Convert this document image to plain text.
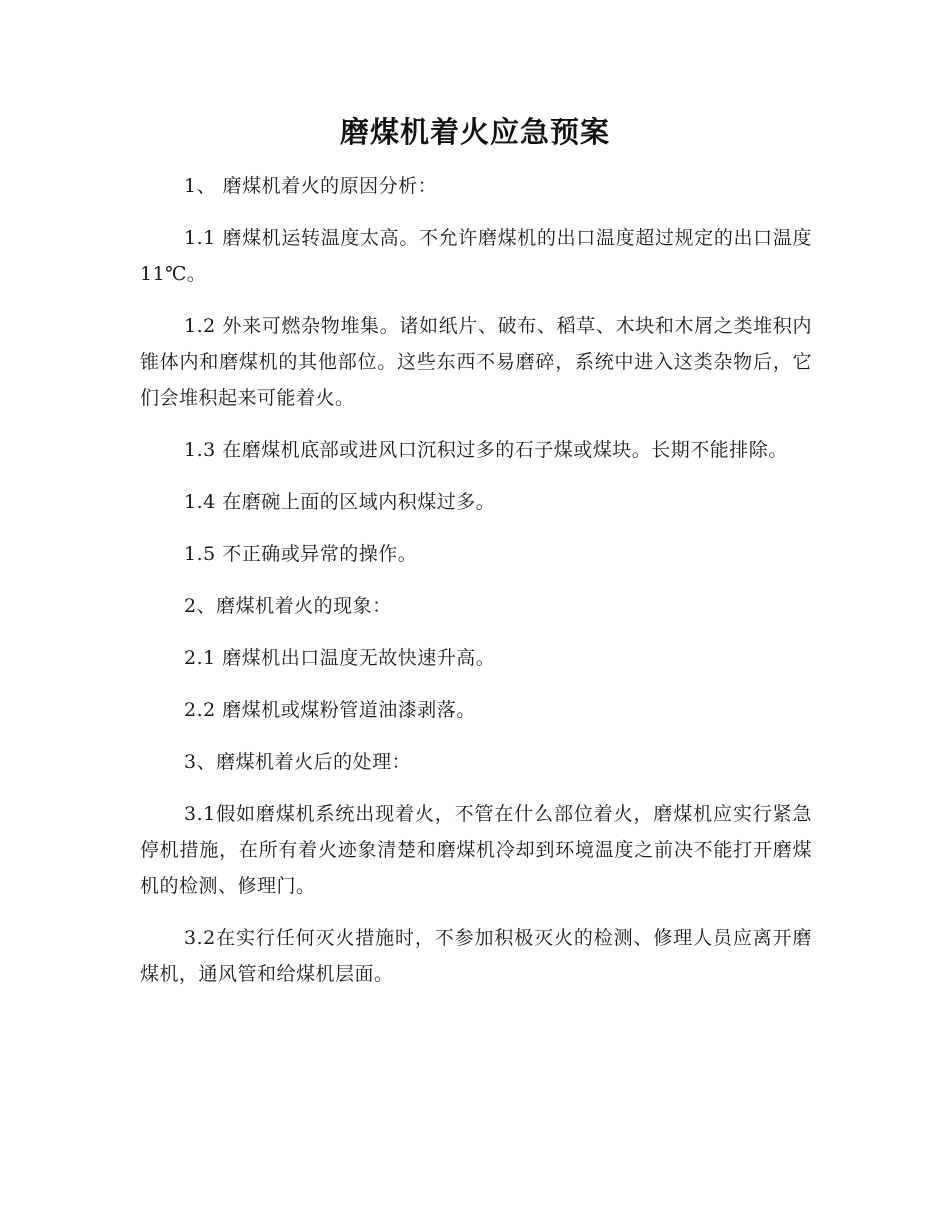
磨煤机着火应急预案

1、 磨煤机着火的原因分析：

1.1 磨煤机运转温度太高。不允许磨煤机的出口温度超过规定的出口温度11℃。

1.2 外来可燃杂物堆集。诸如纸片、破布、稻草、木块和木屑之类堆积内锥体内和磨煤机的其他部位。这些东西不易磨碎，系统中进入这类杂物后，它们会堆积起来可能着火。

1.3 在磨煤机底部或进风口沉积过多的石子煤或煤块。长期不能排除。

1.4 在磨碗上面的区域内积煤过多。

1.5 不正确或异常的操作。

2、磨煤机着火的现象：

2.1 磨煤机出口温度无故快速升高。

2.2 磨煤机或煤粉管道油漆剥落。

3、磨煤机着火后的处理：

3.1假如磨煤机系统出现着火，不管在什么部位着火，磨煤机应实行紧急停机措施，在所有着火迹象清楚和磨煤机冷却到环境温度之前决不能打开磨煤机的检测、修理门。

3.2在实行任何灭火措施时，不参加积极灭火的检测、修理人员应离开磨煤机，通风管和给煤机层面。
